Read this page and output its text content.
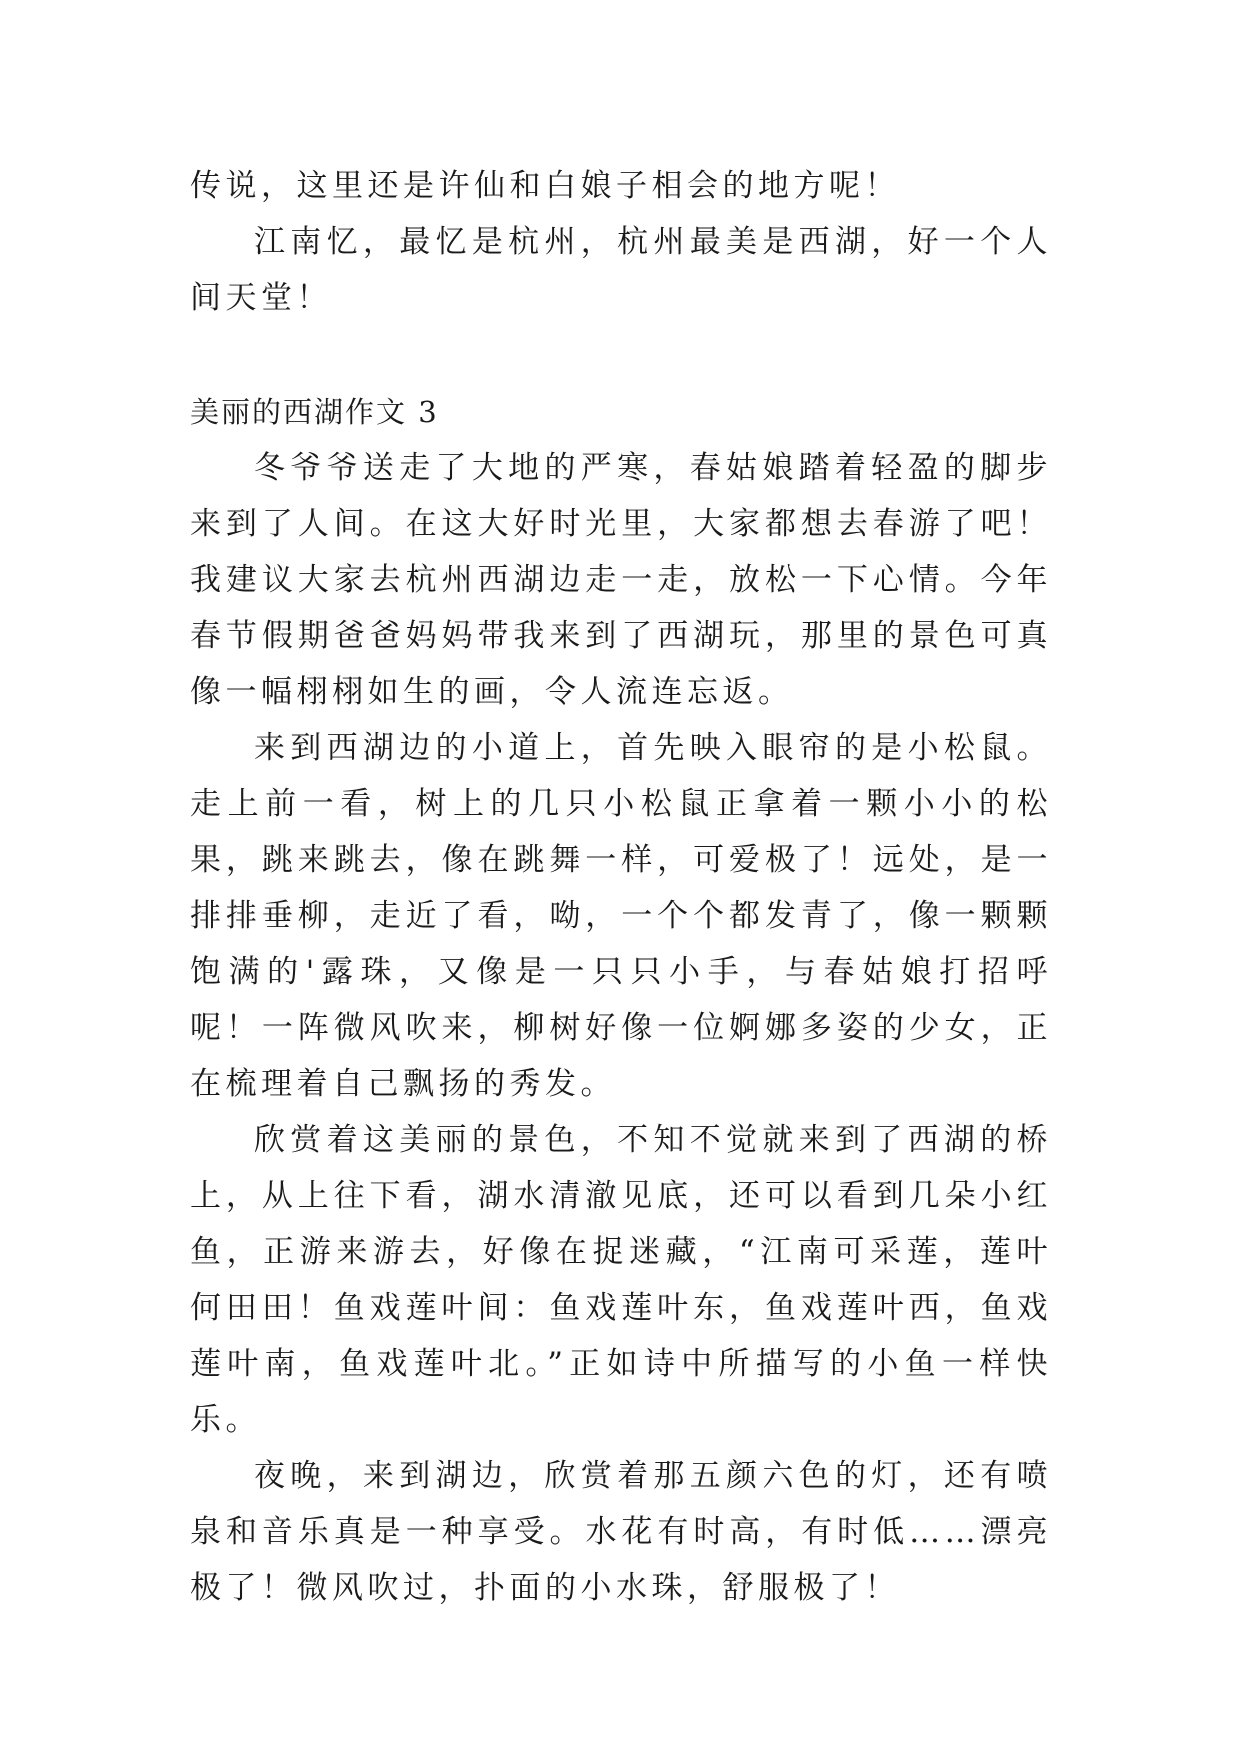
传说，这里还是许仙和白娘子相会的地方呢！

江南忆，最忆是杭州，杭州最美是西湖，好一个人间天堂！

美丽的西湖作文 3

冬爷爷送走了大地的严寒，春姑娘踏着轻盈的脚步来到了人间。在这大好时光里，大家都想去春游了吧！我建议大家去杭州西湖边走一走，放松一下心情。今年春节假期爸爸妈妈带我来到了西湖玩，那里的景色可真像一幅栩栩如生的画，令人流连忘返。

来到西湖边的小道上，首先映入眼帘的是小松鼠。走上前一看，树上的几只小松鼠正拿着一颗小小的松果，跳来跳去，像在跳舞一样，可爱极了！远处，是一排排垂柳，走近了看，呦，一个个都发青了，像一颗颗饱满的'露珠，又像是一只只小手，与春姑娘打招呼呢！一阵微风吹来，柳树好像一位婀娜多姿的少女，正在梳理着自己飘扬的秀发。

欣赏着这美丽的景色，不知不觉就来到了西湖的桥上，从上往下看，湖水清澈见底，还可以看到几朵小红鱼，正游来游去，好像在捉迷藏，“江南可采莲，莲叶何田田！鱼戏莲叶间：鱼戏莲叶东，鱼戏莲叶西，鱼戏莲叶南，鱼戏莲叶北。”正如诗中所描写的小鱼一样快乐。

夜晚，来到湖边，欣赏着那五颜六色的灯，还有喷泉和音乐真是一种享受。水花有时高，有时低……漂亮极了！微风吹过，扑面的小水珠，舒服极了！
